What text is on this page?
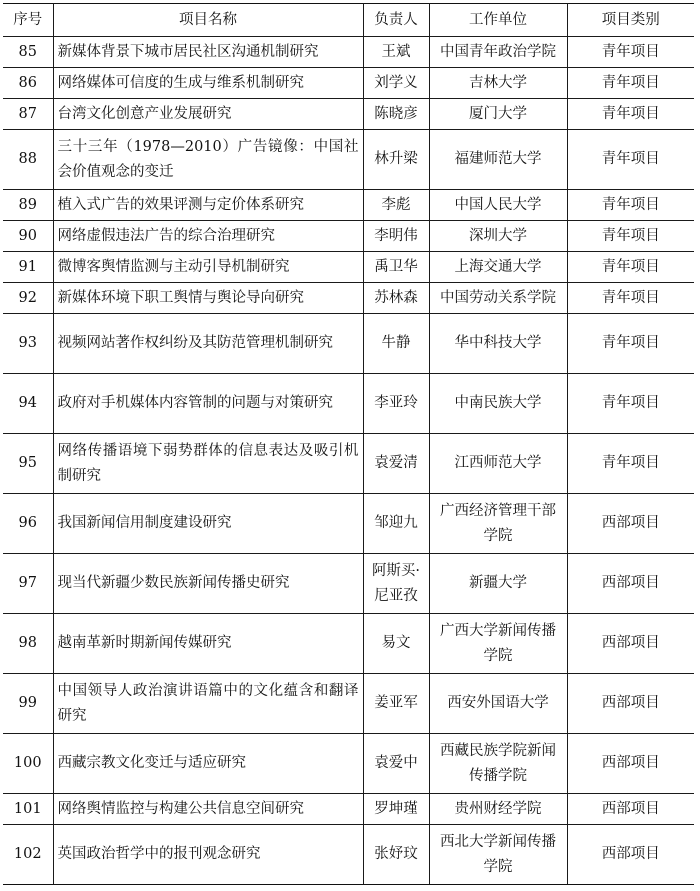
序号	项目名称	负责人	工作单位	项目类别
85	新媒体背景下城市居民社区沟通机制研究	王斌	中国青年政治学院	青年项目
86	网络媒体可信度的生成与维系机制研究	刘学义	吉林大学	青年项目
87	台湾文化创意产业发展研究	陈晓彦	厦门大学	青年项目
88	三十三年（1978—2010）广告镜像：中国社会价值观念的变迁	林升梁	福建师范大学	青年项目
89	植入式广告的效果评测与定价体系研究	李彪	中国人民大学	青年项目
90	网络虚假违法广告的综合治理研究	李明伟	深圳大学	青年项目
91	微博客舆情监测与主动引导机制研究	禹卫华	上海交通大学	青年项目
92	新媒体环境下职工舆情与舆论导向研究	苏林森	中国劳动关系学院	青年项目
93	视频网站著作权纠纷及其防范管理机制研究	牛静	华中科技大学	青年项目
94	政府对手机媒体内容管制的问题与对策研究	李亚玲	中南民族大学	青年项目
95	网络传播语境下弱势群体的信息表达及吸引机制研究	袁爱清	江西师范大学	青年项目
96	我国新闻信用制度建设研究	邹迎九	广西经济管理干部学院	西部项目
97	现当代新疆少数民族新闻传播史研究	阿斯买·尼亚孜	新疆大学	西部项目
98	越南革新时期新闻传媒研究	易文	广西大学新闻传播学院	西部项目
99	中国领导人政治演讲语篇中的文化蕴含和翻译研究	姜亚军	西安外国语大学	西部项目
100	西藏宗教文化变迁与适应研究	袁爱中	西藏民族学院新闻传播学院	西部项目
101	网络舆情监控与构建公共信息空间研究	罗坤瑾	贵州财经学院	西部项目
102	英国政治哲学中的报刊观念研究	张妤玟	西北大学新闻传播学院	西部项目
